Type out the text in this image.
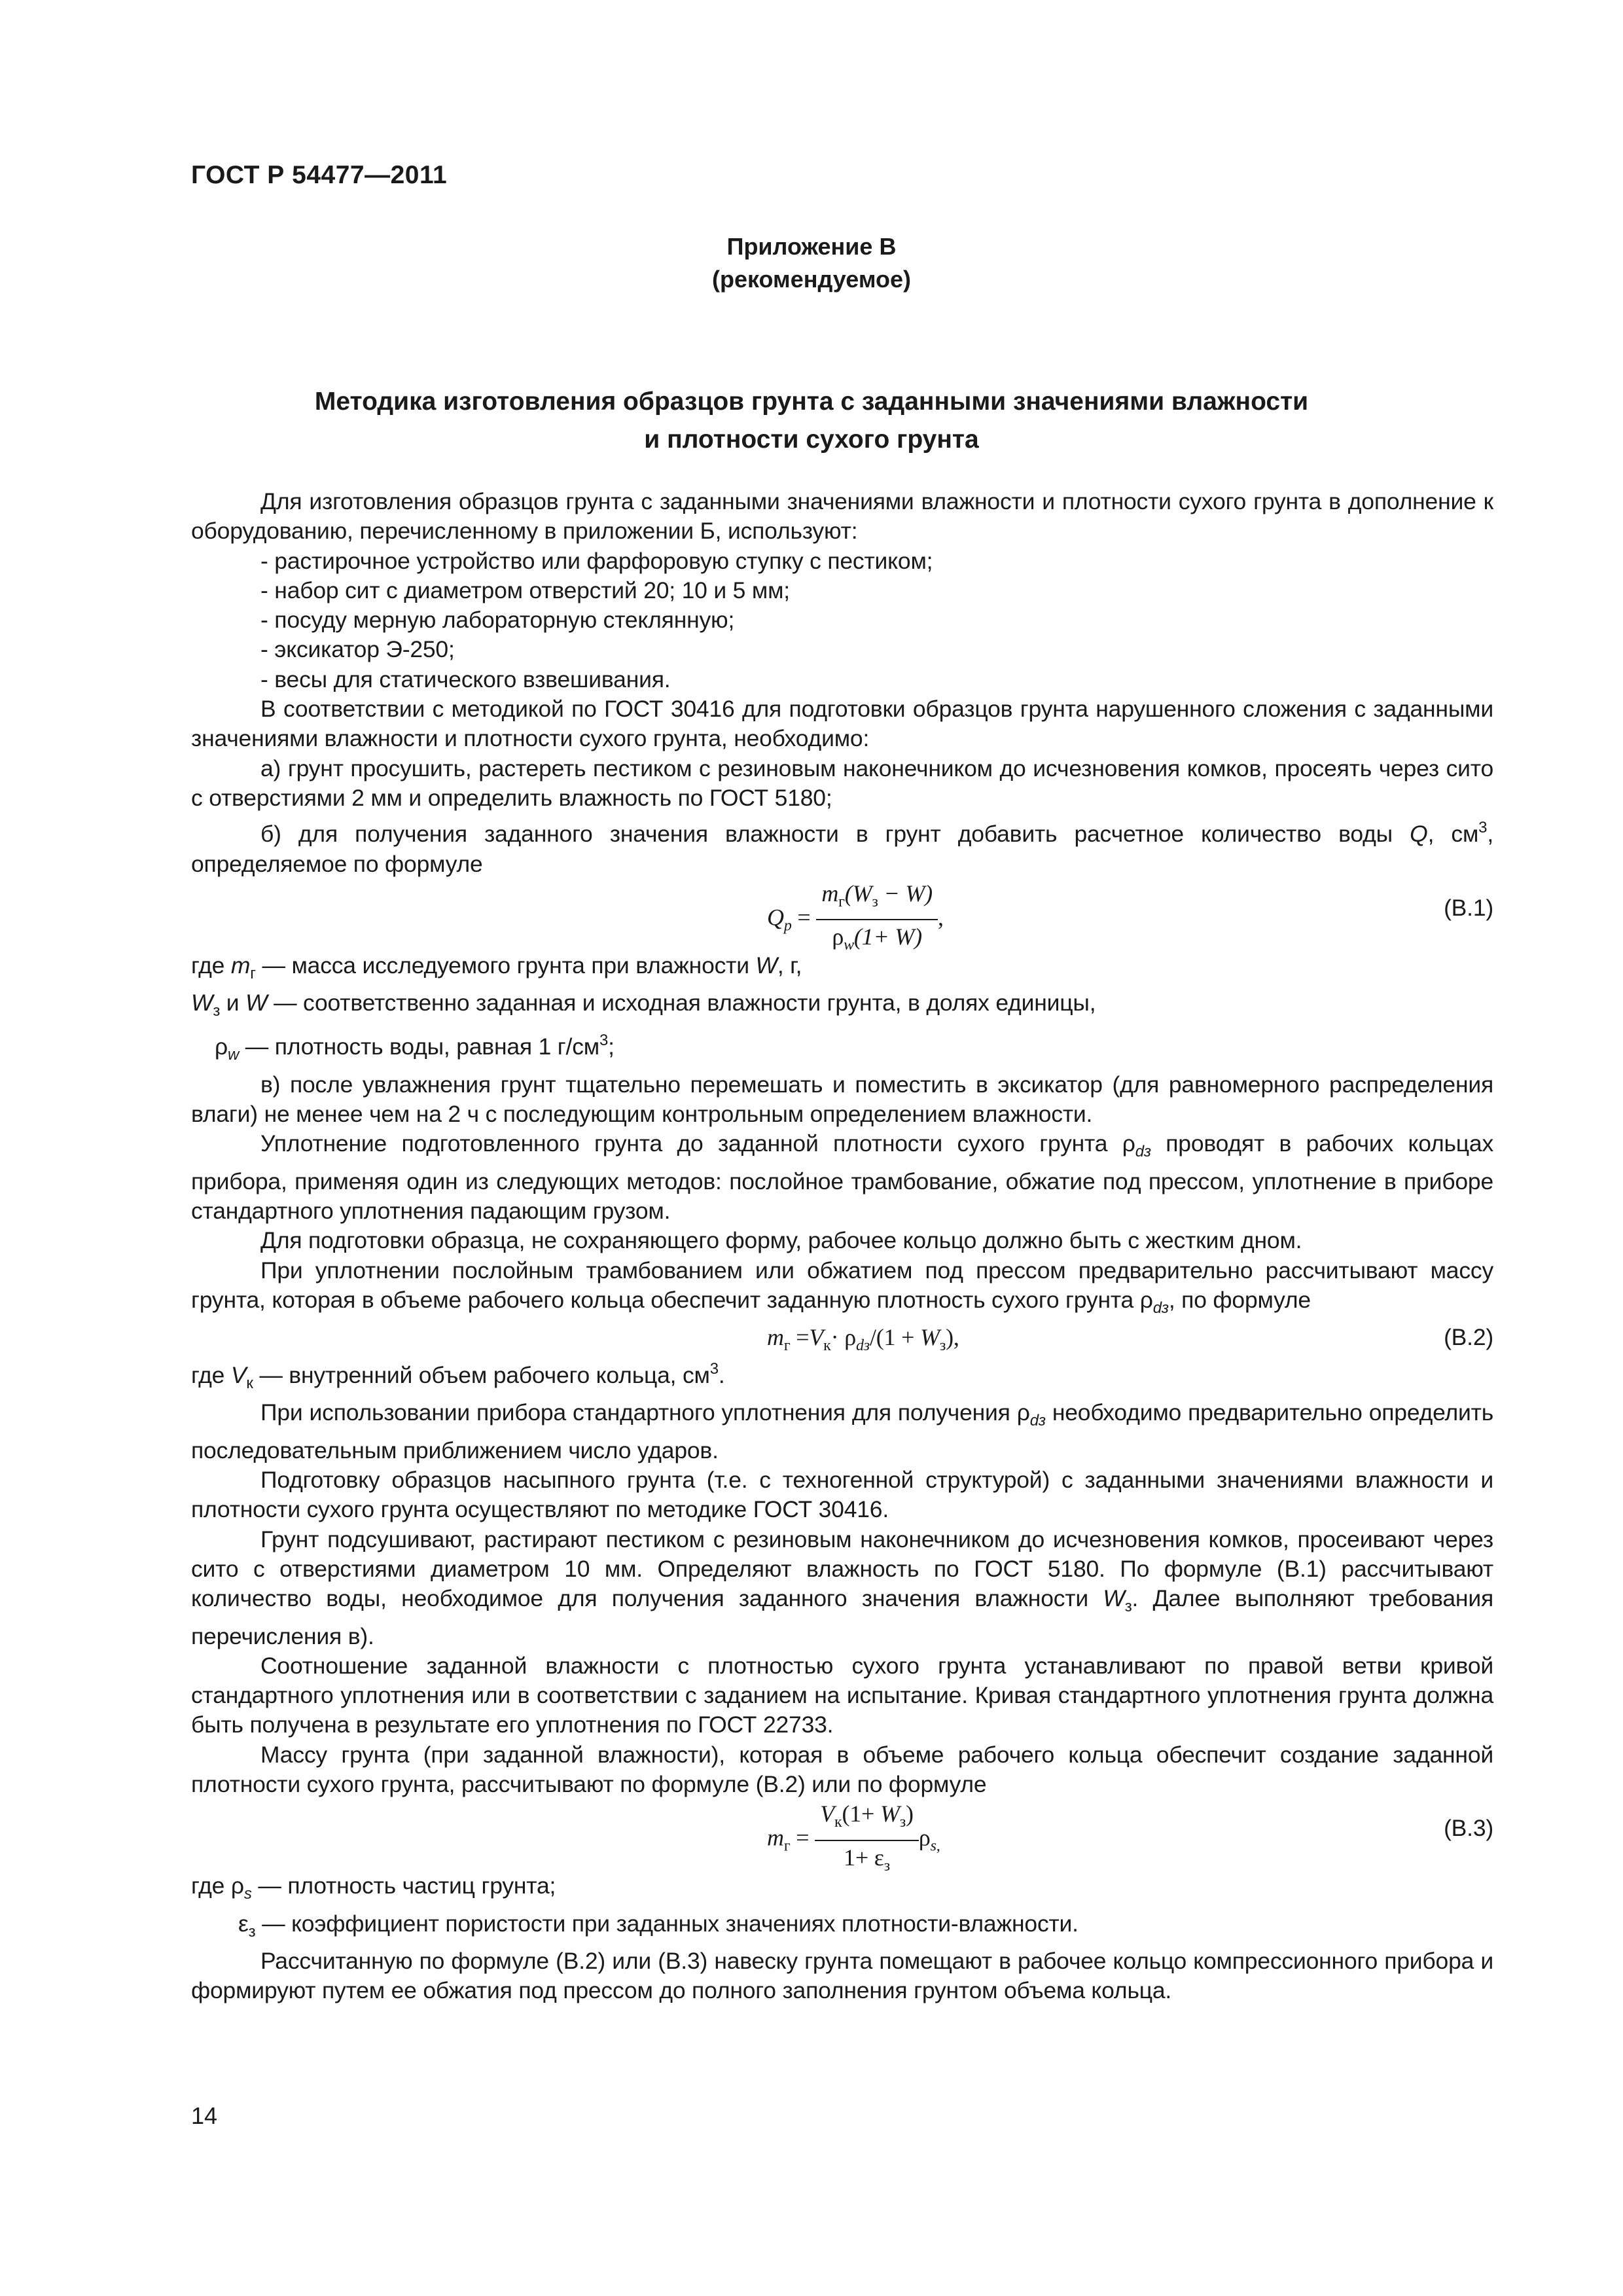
ГОСТ Р 54477—2011
Приложение В
(рекомендуемое)
Методика изготовления образцов грунта с заданными значениями влажности
и плотности сухого грунта

Для изготовления образцов грунта с заданными значениями влажности и плотности сухого грунта в дополнение к оборудованию, перечисленному в приложении Б, используют:

- растирочное устройство или фарфоровую ступку с пестиком;

- набор сит с диаметром отверстий 20; 10 и 5 мм;

- посуду мерную лабораторную стеклянную;

- эксикатор Э-250;

- весы для статического взвешивания.

В соответствии с методикой по ГОСТ 30416 для подготовки образцов грунта нарушенного сложения с заданными значениями влажности и плотности сухого грунта, необходимо:

а) грунт просушить, растереть пестиком с резиновым наконечником до исчезновения комков, просеять через сито с отверстиями 2 мм и определить влажность по ГОСТ 5180;

б) для получения заданного значения влажности в грунт добавить расчетное количество воды Q, $см^3$, определяемое по формуле

$Q_p = \frac{m_г(W_з - W)}{\rho_w(1+ W)}$ ,	(В.1)

где $m_г$ — масса исследуемого грунта при влажности W, г,

$W_з$ и W — соответственно заданная и исходная влажности грунта, в долях единицы,

$\rho_w$ — плотность воды, равная 1 $г/см^3$;

в) после увлажнения грунт тщательно перемешать и поместить в эксикатор (для равномерного распределения влаги) не менее чем на 2 ч с последующим контрольным определением влажности.

Уплотнение подготовленного грунта до заданной плотности сухого грунта $\rho_{dз}$ проводят в рабочих кольцах прибора, применяя один из следующих методов: послойное трамбование, обжатие под прессом, уплотнение в приборе стандартного уплотнения падающим грузом.

Для подготовки образца, не сохраняющего форму, рабочее кольцо должно быть с жестким дном.

При уплотнении послойным трамбованием или обжатием под прессом предварительно рассчитывают массу грунта, которая в объеме рабочего кольца обеспечит заданную плотность сухого грунта $\rho_{dз}$, по формуле

$m_г =V_к\cdot \rho_{dз}/(1 + W_з)$,	(В.2)

где $V_к$ — внутренний объем рабочего кольца, $см^3$.

При использовании прибора стандартного уплотнения для получения $\rho_{dз}$ необходимо предварительно определить последовательным приближением число ударов.

Подготовку образцов насыпного грунта (т.е. с техногенной структурой) с заданными значениями влажности и плотности сухого грунта осуществляют по методике ГОСТ 30416.

Грунт подсушивают, растирают пестиком с резиновым наконечником до исчезновения комков, просеивают через сито с отверстиями диаметром 10 мм. Определяют влажность по ГОСТ 5180. По формуле (В.1) рассчитывают количество воды, необходимое для получения заданного значения влажности $W_з$. Далее выполняют требования перечисления в).

Соотношение заданной влажности с плотностью сухого грунта устанавливают по правой ветви кривой стандартного уплотнения или в соответствии с заданием на испытание. Кривая стандартного уплотнения грунта должна быть получена в результате его уплотнения по ГОСТ 22733.

Массу грунта (при заданной влажности), которая в объеме рабочего кольца обеспечит создание заданной плотности сухого грунта, рассчитывают по формуле (В.2) или по формуле

$m_г = \frac{V_к(1+ W_з)}{1+ \varepsilon_з} \rho_{s,}$
(В.3)

где $\rho_s$ — плотность частиц грунта;

$\varepsilon_з$ — коэффициент пористости при заданных значениях плотности-влажности.

Рассчитанную по формуле (В.2) или (В.3) навеску грунта помещают в рабочее кольцо компрессионного прибора и формируют путем ее обжатия под прессом до полного заполнения грунтом объема кольца.

14
